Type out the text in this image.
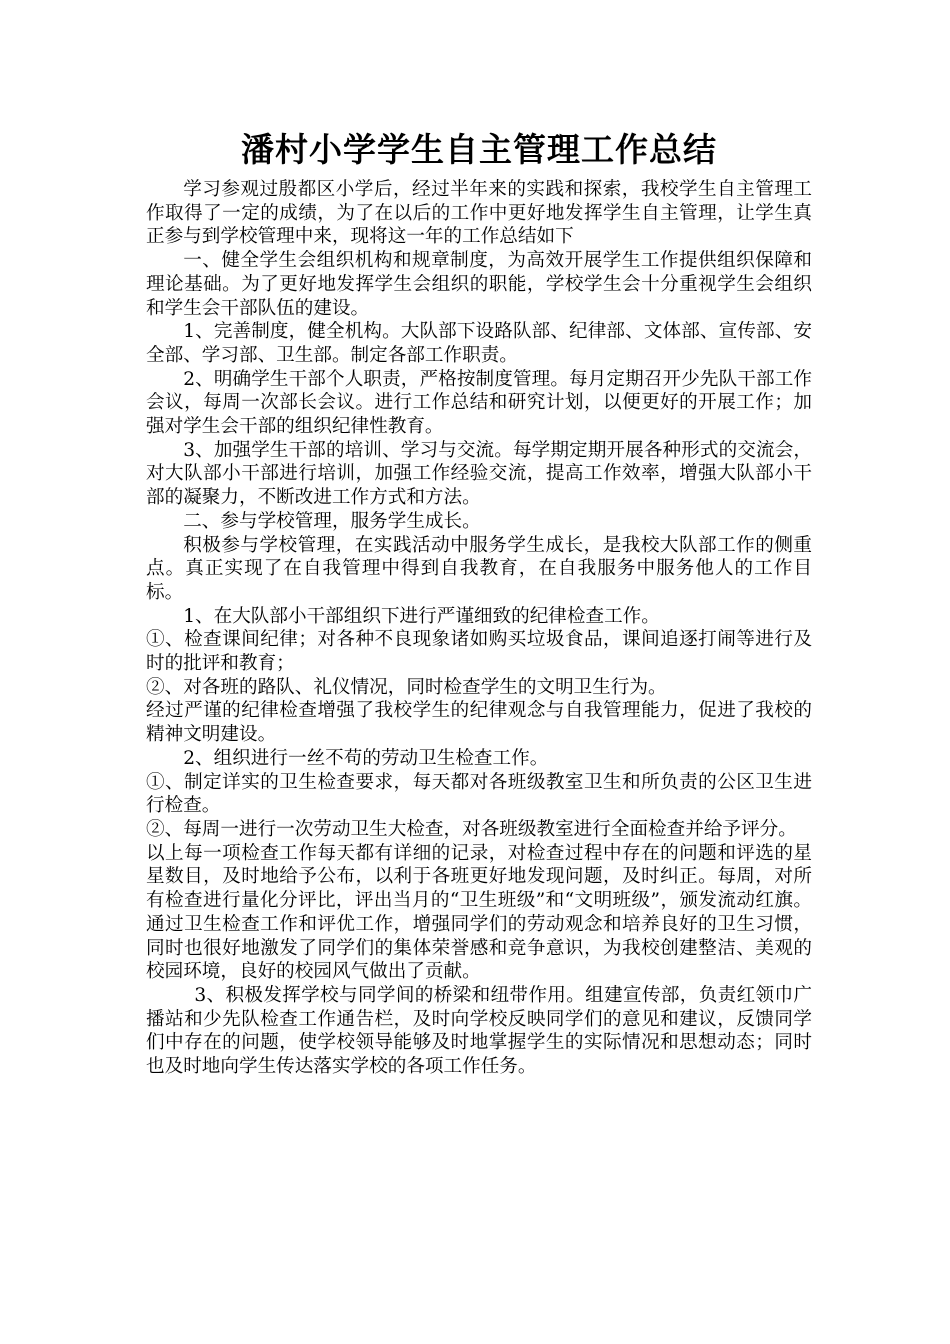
潘村小学学生自主管理工作总结

学习参观过殷都区小学后，经过半年来的实践和探索，我校学生自主管理工作取得了一定的成绩，为了在以后的工作中更好地发挥学生自主管理，让学生真正参与到学校管理中来，现将这一年的工作总结如下

一、健全学生会组织机构和规章制度，为高效开展学生工作提供组织保障和理论基础。为了更好地发挥学生会组织的职能，学校学生会十分重视学生会组织和学生会干部队伍的建设。

1、完善制度，健全机构。大队部下设路队部、纪律部、文体部、宣传部、安全部、学习部、卫生部。制定各部工作职责。

2、明确学生干部个人职责，严格按制度管理。每月定期召开少先队干部工作会议，每周一次部长会议。进行工作总结和研究计划，以便更好的开展工作；加强对学生会干部的组织纪律性教育。

3、加强学生干部的培训、学习与交流。每学期定期开展各种形式的交流会，对大队部小干部进行培训，加强工作经验交流，提高工作效率，增强大队部小干部的凝聚力，不断改进工作方式和方法。

二、参与学校管理，服务学生成长。

积极参与学校管理，在实践活动中服务学生成长，是我校大队部工作的侧重点。真正实现了在自我管理中得到自我教育，在自我服务中服务他人的工作目标。

1、在大队部小干部组织下进行严谨细致的纪律检查工作。

①、检查课间纪律；对各种不良现象诸如购买垃圾食品，课间追逐打闹等进行及时的批评和教育；

②、对各班的路队、礼仪情况，同时检查学生的文明卫生行为。

经过严谨的纪律检查增强了我校学生的纪律观念与自我管理能力，促进了我校的精神文明建设。

2、组织进行一丝不苟的劳动卫生检查工作。

①、制定详实的卫生检查要求，每天都对各班级教室卫生和所负责的公区卫生进行检查。

②、每周一进行一次劳动卫生大检查，对各班级教室进行全面检查并给予评分。

以上每一项检查工作每天都有详细的记录，对检查过程中存在的问题和评选的星星数目，及时地给予公布，以利于各班更好地发现问题，及时纠正。每周，对所有检查进行量化分评比，评出当月的“卫生班级”和“文明班级”，颁发流动红旗。通过卫生检查工作和评优工作，增强同学们的劳动观念和培养良好的卫生习惯，同时也很好地激发了同学们的集体荣誉感和竞争意识，为我校创建整洁、美观的校园环境，良好的校园风气做出了贡献。

3、积极发挥学校与同学间的桥梁和纽带作用。组建宣传部，负责红领巾广播站和少先队检查工作通告栏，及时向学校反映同学们的意见和建议，反馈同学们中存在的问题，使学校领导能够及时地掌握学生的实际情况和思想动态；同时也及时地向学生传达落实学校的各项工作任务。
